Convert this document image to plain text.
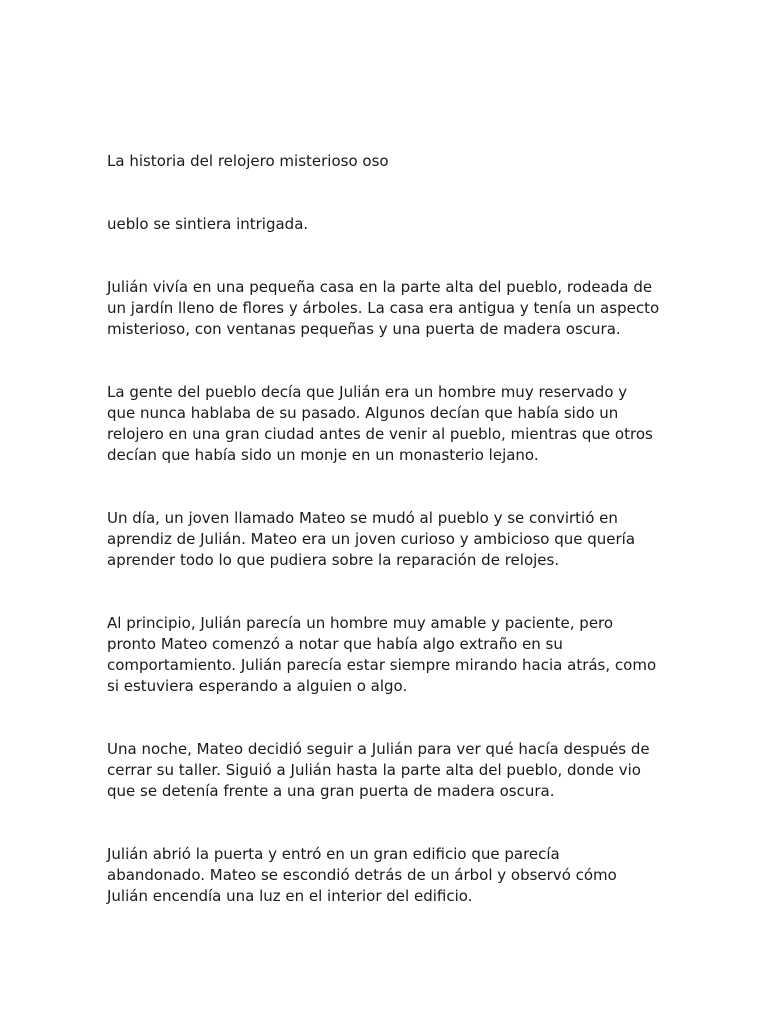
La historia del relojero misterioso oso

ueblo se sintiera intrigada.

Julián vivía en una pequeña casa en la parte alta del pueblo, rodeada de
un jardín lleno de flores y árboles. La casa era antigua y tenía un aspecto
misterioso, con ventanas pequeñas y una puerta de madera oscura.

La gente del pueblo decía que Julián era un hombre muy reservado y
que nunca hablaba de su pasado. Algunos decían que había sido un
relojero en una gran ciudad antes de venir al pueblo, mientras que otros
decían que había sido un monje en un monasterio lejano.

Un día, un joven llamado Mateo se mudó al pueblo y se convirtió en
aprendiz de Julián. Mateo era un joven curioso y ambicioso que quería
aprender todo lo que pudiera sobre la reparación de relojes.

Al principio, Julián parecía un hombre muy amable y paciente, pero
pronto Mateo comenzó a notar que había algo extraño en su
comportamiento. Julián parecía estar siempre mirando hacia atrás, como
si estuviera esperando a alguien o algo.

Una noche, Mateo decidió seguir a Julián para ver qué hacía después de
cerrar su taller. Siguió a Julián hasta la parte alta del pueblo, donde vio
que se detenía frente a una gran puerta de madera oscura.

Julián abrió la puerta y entró en un gran edificio que parecía
abandonado. Mateo se escondió detrás de un árbol y observó cómo
Julián encendía una luz en el interior del edificio.
